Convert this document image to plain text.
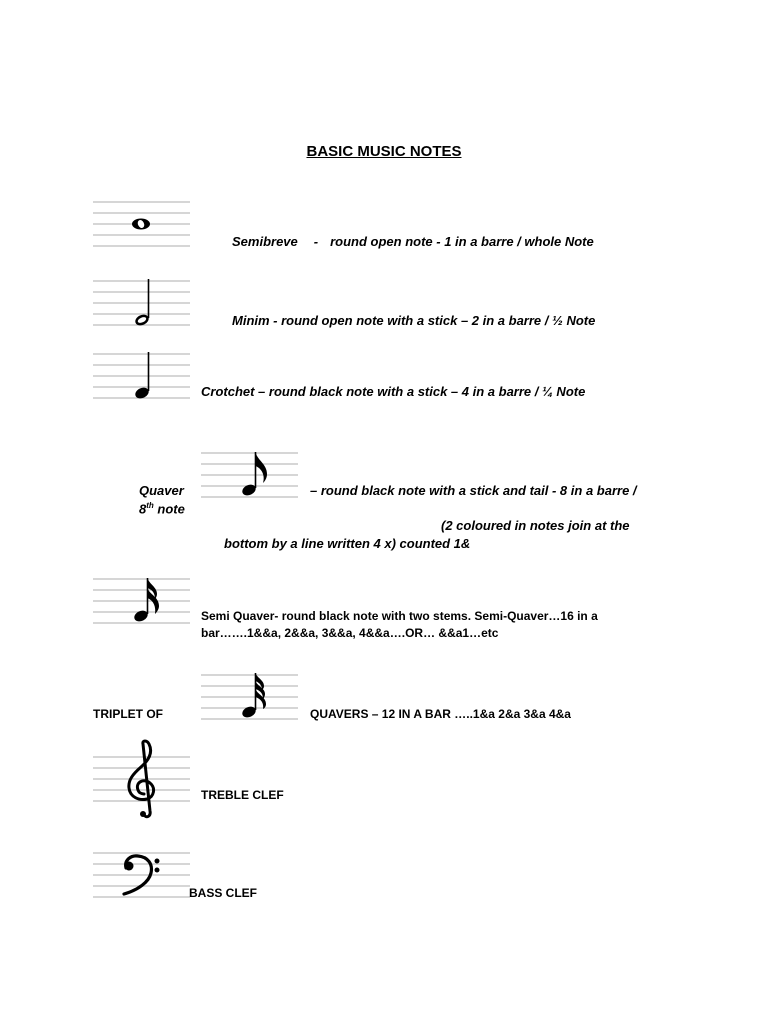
BASIC MUSIC NOTES
Semibreve - round open note - 1 in a barre / whole Note
Minim - round open note with a stick – 2 in a barre / ½ Note
Crotchet – round black note with a stick – 4 in a barre / ¼ Note
Quaver
8th note
– round black note with a stick and tail - 8 in a barre /
(2 coloured in notes join at the
bottom by a line written 4 x) counted 1&
Semi Quaver- round black note with two stems. Semi-Quaver…16 in a
bar…….1&&a, 2&&a, 3&&a, 4&&a….OR… &&a1…etc
TRIPLET OF	QUAVERS – 12 IN A BAR …..1&a 2&a 3&a 4&a
TREBLE CLEF
BASS CLEF
